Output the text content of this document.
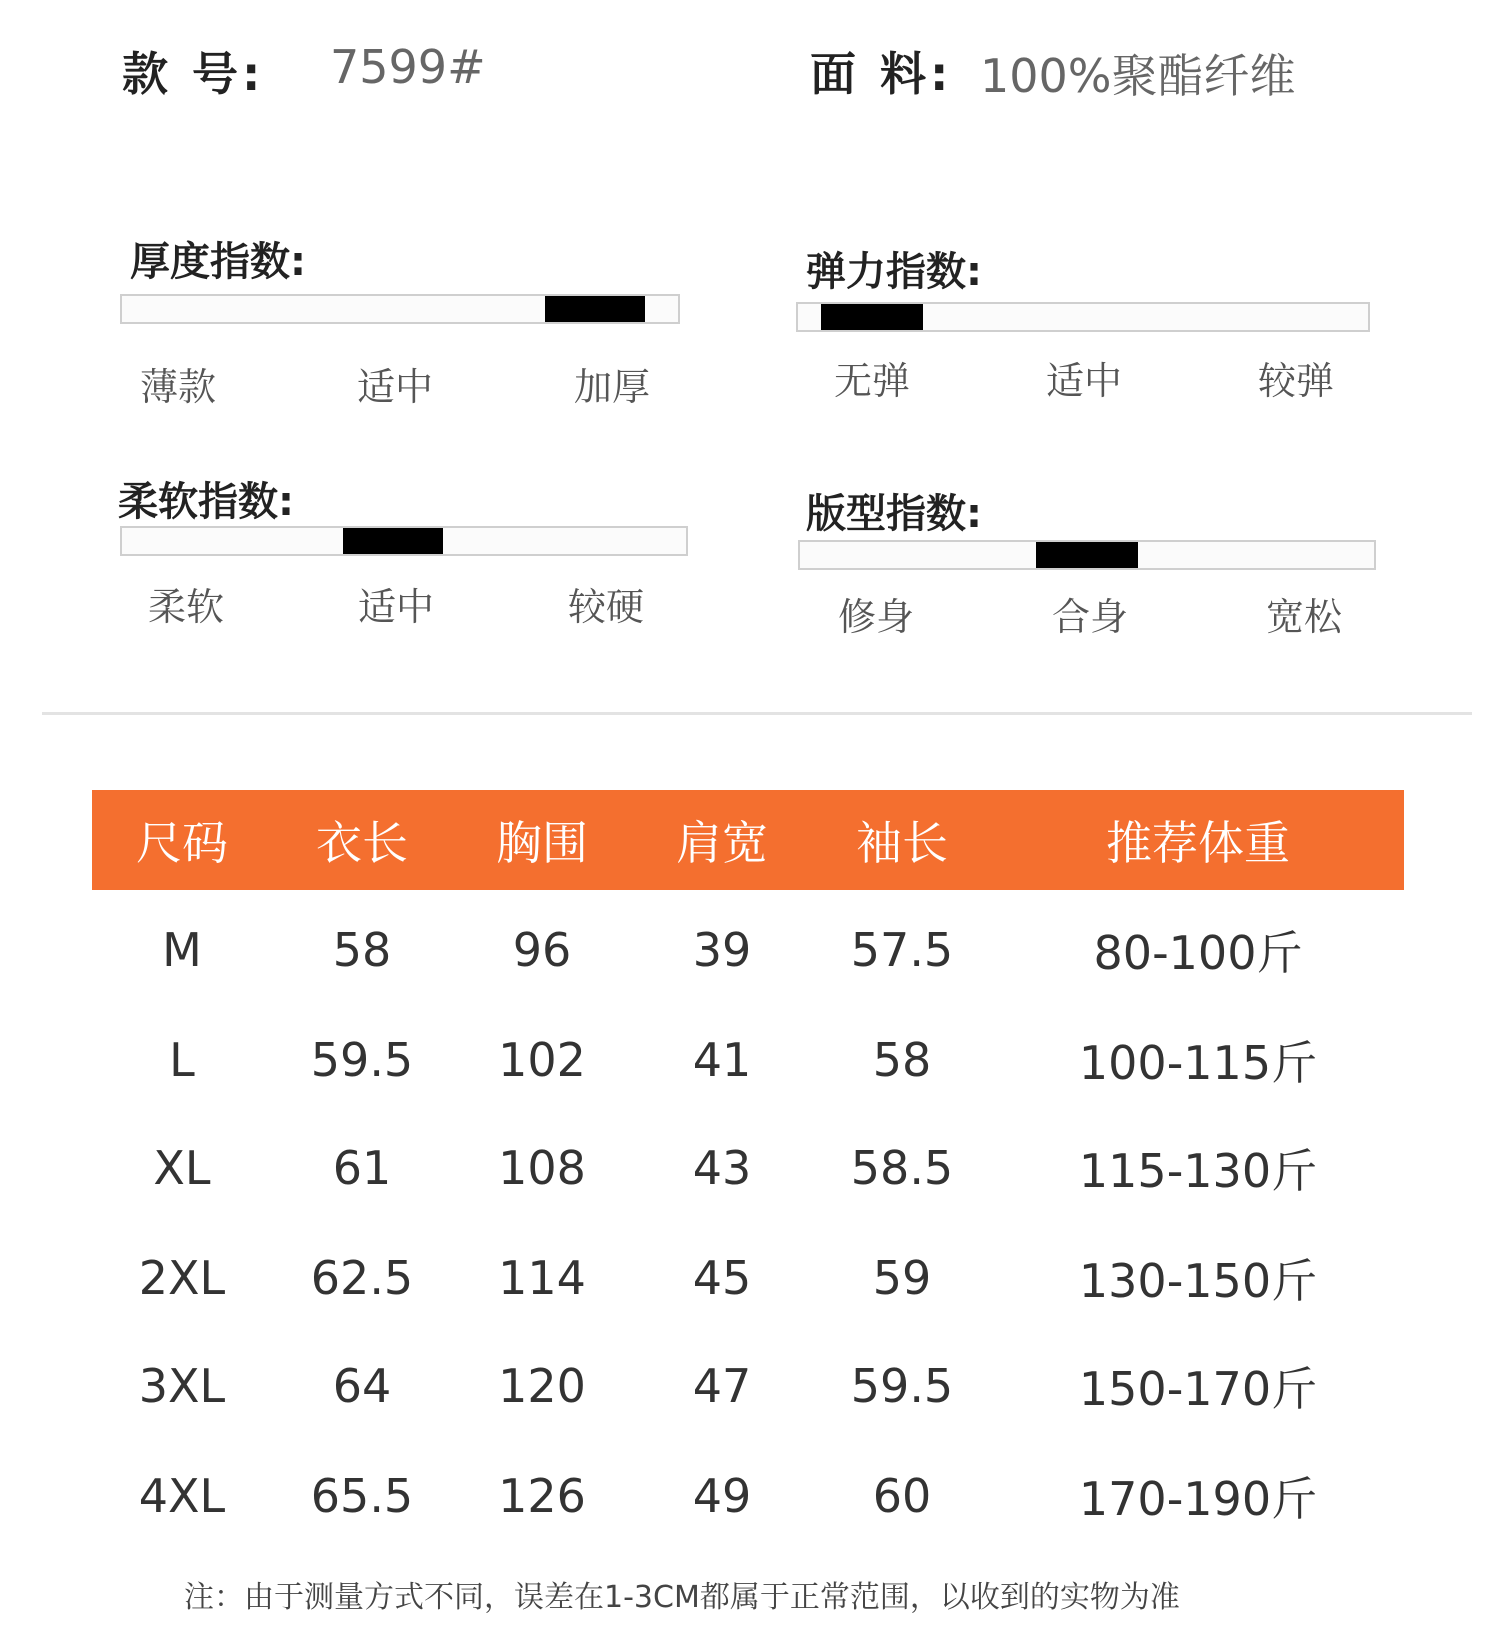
款 号: 7599#	面 料: 100%聚酯纤维
厚度指数:
薄款	适中	加厚
弹力指数:
无弹	适中	较弹
柔软指数:
柔软	适中	较硬
版型指数:
修身	合身	宽松
尺码	衣长	胸围	肩宽	袖长	推荐体重
M	58	96	39	57.5	80-100斤
L	59.5	102	41	58	100-115斤
XL	61	108	43	58.5	115-130斤
2XL	62.5	114	45	59	130-150斤
3XL	64	120	47	59.5	150-170斤
4XL	65.5	126	49	60	170-190斤
注：由于测量方式不同，误差在1-3CM都属于正常范围，以收到的实物为准
